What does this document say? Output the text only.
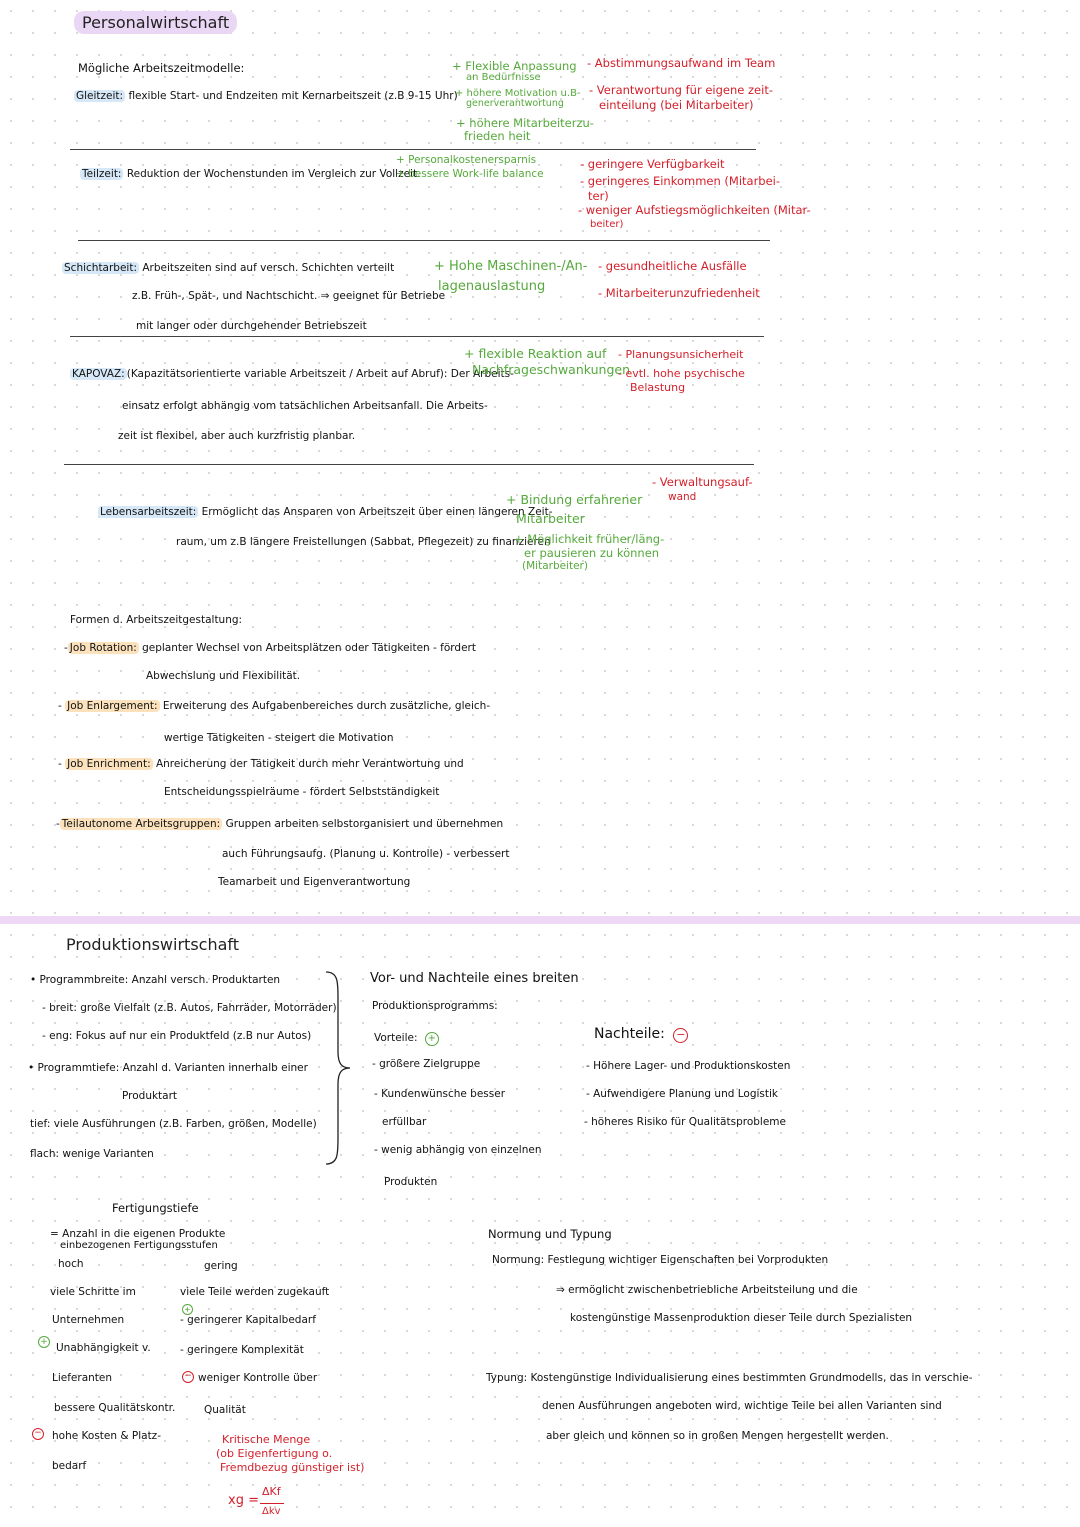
Personalwirtschaft
Mögliche Arbeitszeitmodelle:
Gleitzeit: flexible Start- und Endzeiten mit Kernarbeitszeit (z.B 9-15 Uhr)
+ Flexible Anpassung
an Bedürfnisse
+ höhere Motivation u.B-
generverantwortung
+ höhere Mitarbeiterzu-
frieden heit
- Abstimmungsaufwand im Team
- Verantwortung für eigene zeit-
einteilung (bei Mitarbeiter)
Teilzeit: Reduktion der Wochenstunden im Vergleich zur Vollzeit.
+ Personalkostenersparnis
+ bessere Work-life balance
- geringere Verfügbarkeit
- geringeres Einkommen (Mitarbei-
ter)
- weniger Aufstiegsmöglichkeiten (Mitar-
beiter)
Schichtarbeit: Arbeitszeiten sind auf versch. Schichten verteilt
z.B. Früh-, Spät-, und Nachtschicht. ⇒ geeignet für Betriebe
mit langer oder durchgehender Betriebszeit
+ Hohe Maschinen-/An-
lagenauslastung
- gesundheitliche Ausfälle
- Mitarbeiterunzufriedenheit
KAPOVAZ: (Kapazitätsorientierte variable Arbeitszeit / Arbeit auf Abruf): Der Arbeits-
einsatz erfolgt abhängig vom tatsächlichen Arbeitsanfall. Die Arbeits-
zeit ist flexibel, aber auch kurzfristig planbar.
+ flexible Reaktion auf
Nachfrageschwankungen
- Planungsunsicherheit
- evtl. hohe psychische
Belastung
Lebensarbeitszeit: Ermöglicht das Ansparen von Arbeitszeit über einen längeren Zeit-
raum, um z.B längere Freistellungen (Sabbat, Pflegezeit) zu finanzieren
+ Bindung erfahrener
Mitarbeiter
+ Möglichkeit früher/läng-
er pausieren zu können
(Mitarbeiter)
- Verwaltungsauf-
wand
Formen d. Arbeitszeitgestaltung:
- Job Rotation: geplanter Wechsel von Arbeitsplätzen oder Tätigkeiten - fördert
Abwechslung und Flexibilität.
- Job Enlargement: Erweiterung des Aufgabenbereiches durch zusätzliche, gleich-
wertige Tätigkeiten - steigert die Motivation
- Job Enrichment: Anreicherung der Tätigkeit durch mehr Verantwortung und
Entscheidungsspielräume - fördert Selbstständigkeit
- Teilautonome Arbeitsgruppen: Gruppen arbeiten selbstorganisiert und übernehmen
auch Führungsaufg. (Planung u. Kontrolle) - verbessert
Teamarbeit und Eigenverantwortung
Produktionswirtschaft
• Programmbreite: Anzahl versch. Produktarten
- breit: große Vielfalt (z.B. Autos, Fahrräder, Motorräder)
- eng: Fokus auf nur ein Produktfeld (z.B nur Autos)
• Programmtiefe: Anzahl d. Varianten innerhalb einer
Produktart
tief: viele Ausführungen (z.B. Farben, größen, Modelle)
flach: wenige Varianten
Vor- und Nachteile eines breiten
Produktionsprogramms:
Vorteile: +
- größere Zielgruppe
- Kundenwünsche besser
erfüllbar
- wenig abhängig von einzelnen
Produkten
Nachteile: −
- Höhere Lager- und Produktionskosten
- Aufwendigere Planung und Logistik
- höheres Risiko für Qualitätsprobleme
Fertigungstiefe
= Anzahl in die eigenen Produkte
einbezogenen Fertigungsstufen
hoch	gering
viele Schritte im
Unternehmen
+ Unabhängigkeit v.
Lieferanten
bessere Qualitätskontr.
− hohe Kosten & Platz-
bedarf
viele Teile werden zugekauft
+
- geringerer Kapitalbedarf
- geringere Komplexität
− weniger Kontrolle über
Qualität
Kritische Menge
(ob Eigenfertigung o.
Fremdbezug günstiger ist)
xg =
ΔKf
Δkv
Normung und Typung
Normung: Festlegung wichtiger Eigenschaften bei Vorprodukten
⇒ ermöglicht zwischenbetriebliche Arbeitsteilung und die
kostengünstige Massenproduktion dieser Teile durch Spezialisten
Typung: Kostengünstige Individualisierung eines bestimmten Grundmodells, das in verschie-
denen Ausführungen angeboten wird, wichtige Teile bei allen Varianten sind
aber gleich und können so in großen Mengen hergestellt werden.
